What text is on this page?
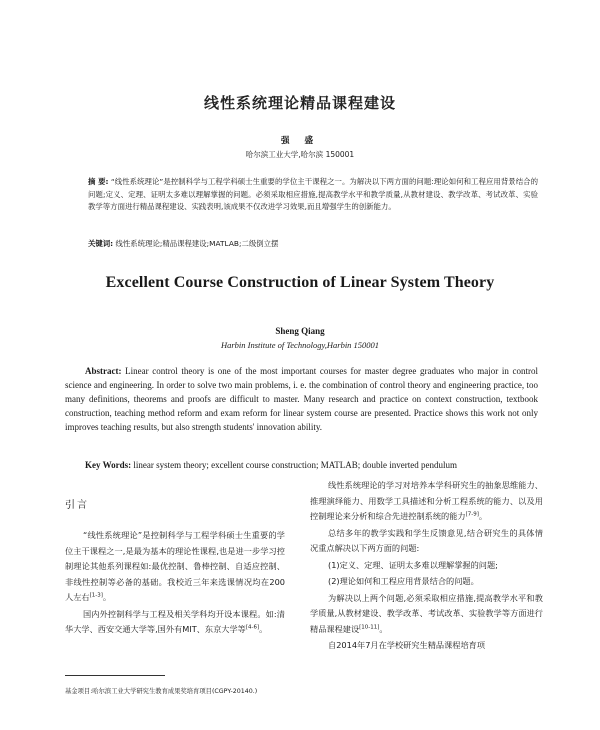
线性系统理论精品课程建设
强 盛
哈尔滨工业大学,哈尔滨 150001
摘 要: “线性系统理论”是控制科学与工程学科硕士生重要的学位主干课程之一。为解决以下两方面的问题:理论如何和工程应用背景结合的问题;定义、定理、证明太多难以理解掌握的问题。必须采取相应措施,提高教学水平和教学质量,从教材建设、教学改革、考试改革、实验教学等方面进行精品课程建设、实践表明,该成果不仅改进学习效果,而且增强学生的创新能力。
关键词: 线性系统理论;精品课程建设;MATLAB;二级倒立摆
Excellent Course Construction of Linear System Theory
Sheng Qiang
Harbin Institute of Technology,Harbin 150001
Abstract: Linear control theory is one of the most important courses for master degree graduates who major in control science and engineering. In order to solve two main problems, i. e. the combination of control theory and engineering practice, too many definitions, theorems and proofs are difficult to master. Many research and practice on context construction, textbook construction, teaching method reform and exam reform for linear system course are presented. Practice shows this work not only improves teaching results, but also strength students' innovation ability.
Key Words: linear system theory; excellent course construction; MATLAB; double inverted pendulum
引言

“线性系统理论”是控制科学与工程学科硕士生重要的学位主干课程之一,是最为基本的理论性课程,也是进一步学习控制理论其他系列课程如:最优控制、鲁棒控制、自适应控制、非线性控制等必备的基础。我校近三年来选课情况均在200人左右[1-3]。

国内外控制科学与工程及相关学科均开设本课程。如:清华大学、西安交通大学等,国外有MIT、东京大学等[4-6]。

线性系统理论的学习对培养本学科研究生的抽象思维能力、推理演绎能力、用数学工具描述和分析工程系统的能力、以及用控制理论来分析和综合先进控制系统的能力[7-9]。

总结多年的教学实践和学生反馈意见,结合研究生的具体情况重点解决以下两方面的问题:

(1)定义、定理、证明太多难以理解掌握的问题;

(2)理论如何和工程应用背景结合的问题。

为解决以上两个问题,必须采取相应措施,提高教学水平和教学质量,从教材建设、教学改革、考试改革、实验教学等方面进行精品课程建设[10-11]。

自2014年7月在学校研究生精品课程培育项

基金项目:哈尔滨工业大学研究生教育成果奖培育项目(CGPY-20140.)
